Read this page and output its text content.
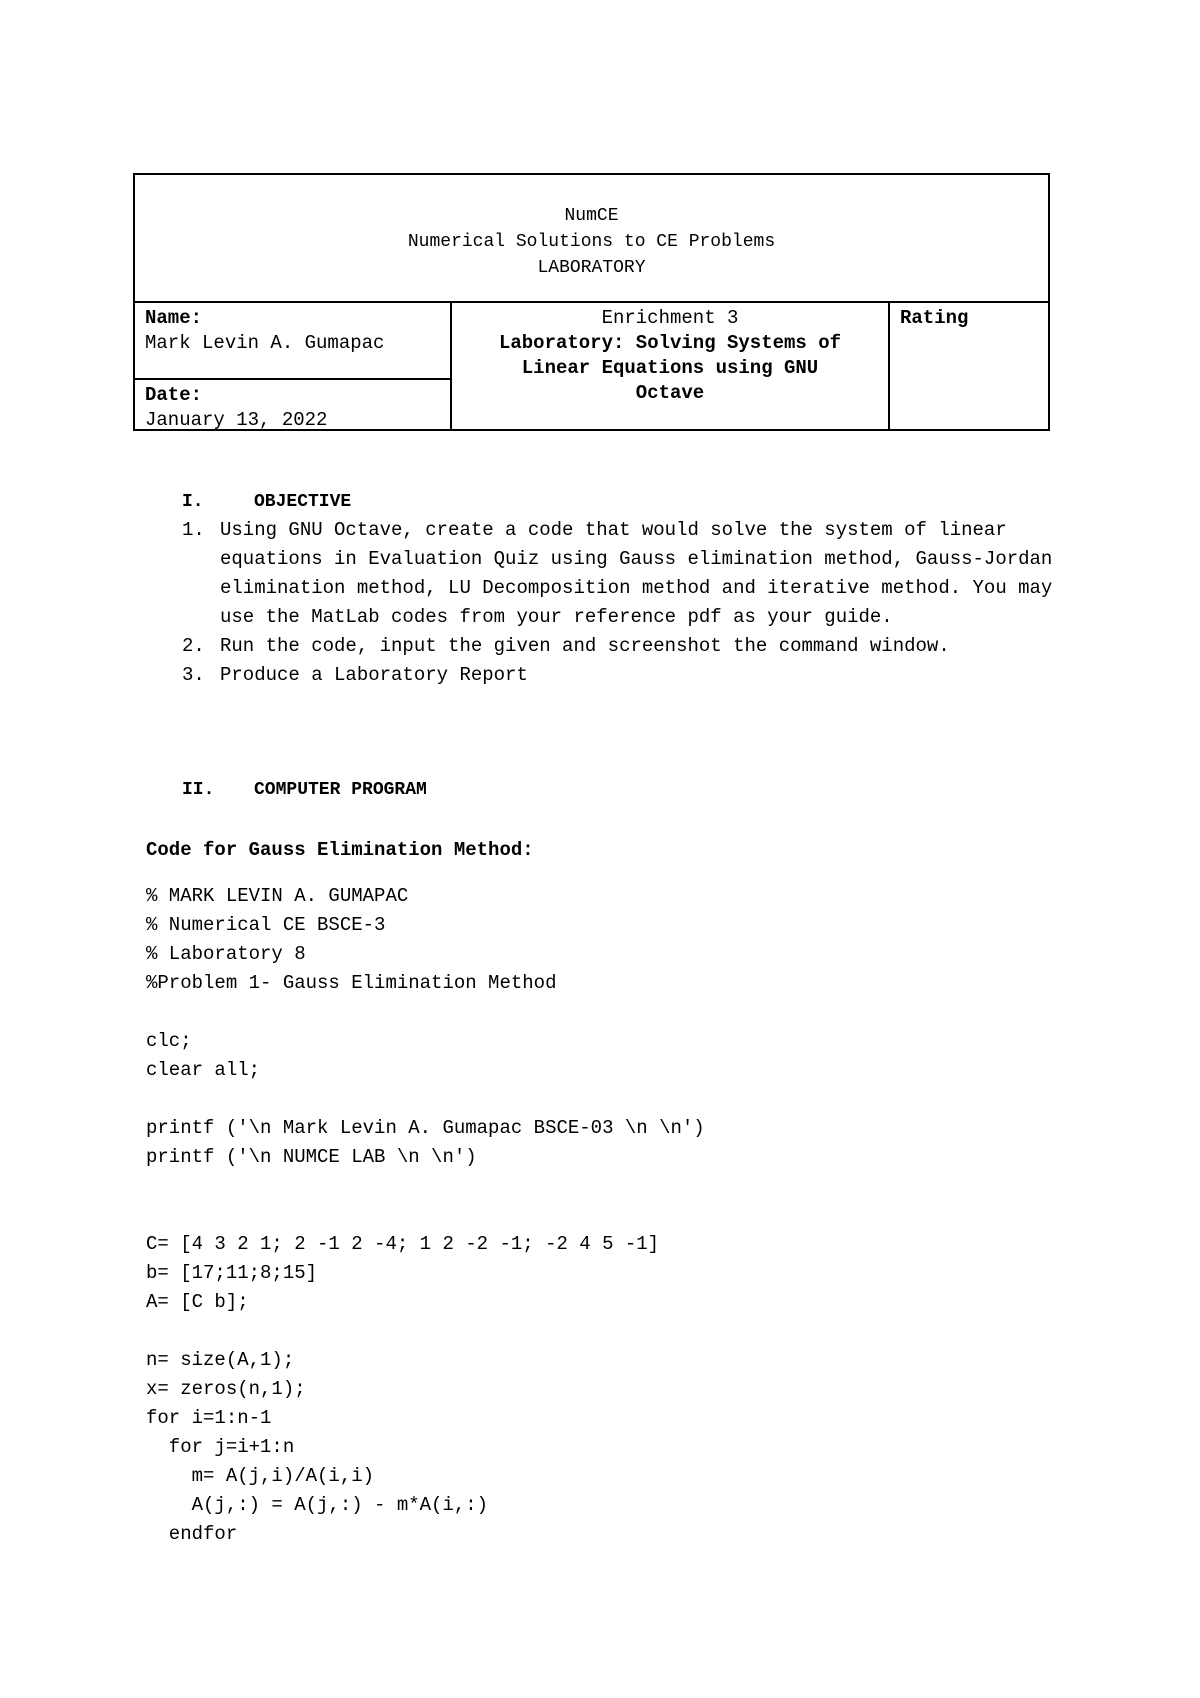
NumCE
Numerical Solutions to CE Problems
LABORATORY
Name:
Mark Levin A. Gumapac
Date:
January 13, 2022
Enrichment 3
Laboratory: Solving Systems of
Linear Equations using GNU
Octave
Rating
I.	OBJECTIVE
1. Using GNU Octave, create a code that would solve the system of linear equations in Evaluation Quiz using Gauss elimination method, Gauss-Jordan elimination method, LU Decomposition method and iterative method. You may use the MatLab codes from your reference pdf as your guide.
2. Run the code, input the given and screenshot the command window.
3. Produce a Laboratory Report
II. COMPUTER PROGRAM
Code for Gauss Elimination Method:
% MARK LEVIN A. GUMAPAC
% Numerical CE BSCE-3
% Laboratory 8
%Problem 1- Gauss Elimination Method
clc;
clear all;
printf ('\n Mark Levin A. Gumapac BSCE-03 \n \n')
printf ('\n NUMCE LAB \n \n')
C= [4 3 2 1; 2 -1 2 -4; 1 2 -2 -1; -2 4 5 -1]
b= [17;11;8;15]
A= [C b];
n= size(A,1);
x= zeros(n,1);
for i=1:n-1
for j=i+1:n
m= A(j,i)/A(i,i)
A(j,:) = A(j,:) - m*A(i,:)
endfor
